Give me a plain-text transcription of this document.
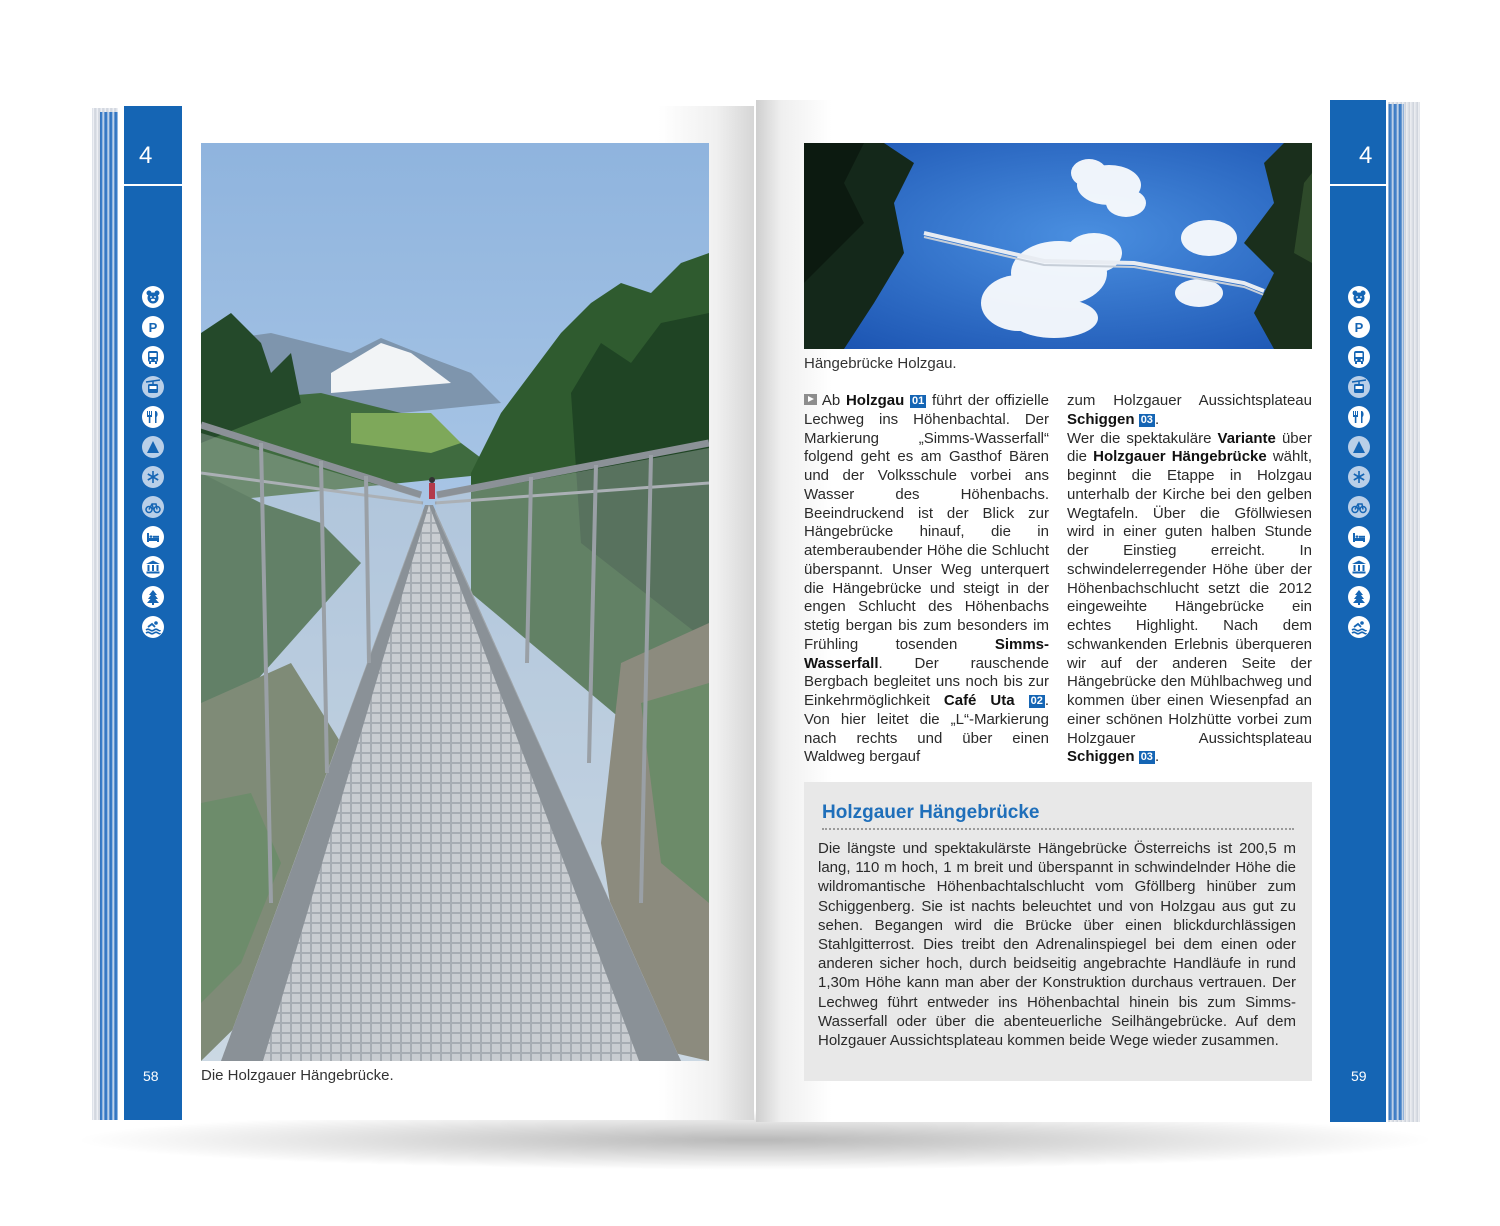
4
P
58	Die Holzgauer Hängebrücke.
4
P
59
Hängebrücke Holzgau.
Ab Holzgau 01 führt der offizielle Lechweg ins Höhenbachtal. Der Markierung „Simms-Wasserfall“ folgend geht es am Gasthof Bären und der Volksschule vorbei ans Wasser des Höhenbachs. Beeindruckend ist der Blick zur Hängebrücke hinauf, die in atemberaubender Höhe die Schlucht überspannt. Unser Weg unterquert die Hängebrücke und steigt in der engen Schlucht des Höhenbachs stetig bergan bis zum besonders im Frühling tosenden Simms-Wasserfall. Der rauschende Bergbach begleitet uns noch bis zur Einkehrmöglichkeit Café Uta 02 . Von hier leitet die „L“-Markierung nach rechts und über einen Waldweg bergauf
zum Holzgauer Aussichtsplateau Schiggen 03 .
Wer die spektakuläre Variante über die Holzgauer Hängebrücke wählt, beginnt die Etappe in Holzgau unterhalb der Kirche bei den gelben Wegtafeln. Über die Gföllwiesen wird in einer guten halben Stunde der Einstieg erreicht. In schwindelerregender Höhe über der Höhenbachschlucht setzt die 2012 eingeweihte Hängebrücke ein echtes Highlight. Nach dem schwankenden Erlebnis überqueren wir auf der anderen Seite der Hängebrücke den Mühlbachweg und kommen über einen Wiesenpfad an einer schönen Holzhütte vorbei zum Holzgauer Aussichtsplateau Schiggen 03 .
Holzgauer Hängebrücke
Die längste und spektakulärste Hängebrücke Österreichs ist 200,5 m lang, 110 m hoch, 1 m breit und überspannt in schwindelnder Höhe die wildromantische Höhenbachtalschlucht vom Gföllberg hinüber zum Schiggenberg. Sie ist nachts beleuchtet und von Holzgau aus gut zu sehen. Begangen wird die Brücke über einen blickdurchlässigen Stahlgitterrost. Dies treibt den Adrenalinspiegel bei dem einen oder anderen sicher hoch, durch beidseitig angebrachte Handläufe in rund 1,30m Höhe kann man aber der Konstruktion durchaus vertrauen. Der Lechweg führt entweder ins Höhenbachtal hinein bis zum Simms-Wasserfall oder über die abenteuerliche Seilhängebrücke. Auf dem Holzgauer Aussichtsplateau kommen beide Wege wieder zusammen.
